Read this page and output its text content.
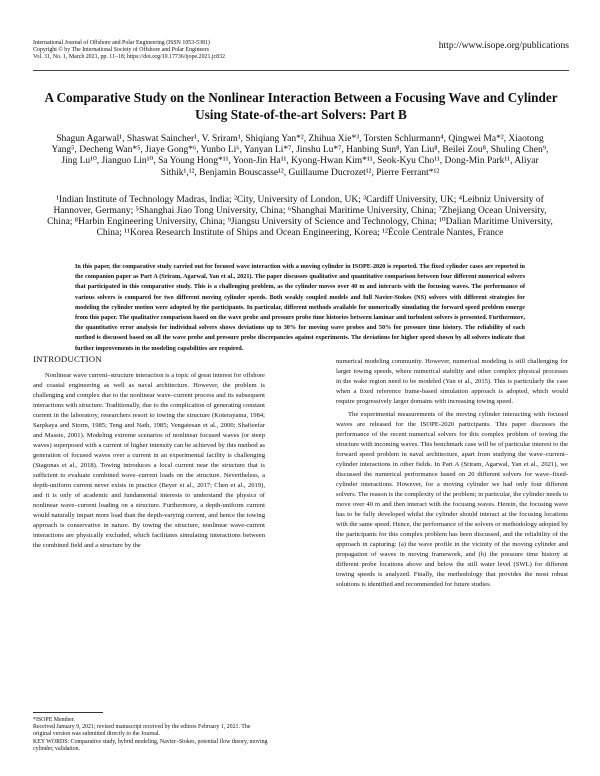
International Journal of Offshore and Polar Engineering (ISSN 1053-5381)
Copyright © by The International Society of Offshore and Polar Engineers
Vol. 31, No. 1, March 2021, pp. 11–18; https://doi.org/10.17736/ijope.2021.jc832
http://www.isope.org/publications
A Comparative Study on the Nonlinear Interaction Between a Focusing Wave and Cylinder Using State-of-the-art Solvers: Part B
Shagun Agarwal¹, Shaswat Saincher¹, V. Sriram¹, Shiqiang Yan*², Zhihua Xie*³, Torsten Schlurmann⁴, Qingwei Ma*², Xiaotong Yang⁵, Decheng Wan*⁵, Jiaye Gong*⁶, Yunbo Li⁶, Yanyan Li*⁷, Jinshu Lu*⁷, Hanbing Sun⁸, Yan Liu⁸, Beilei Zou⁸, Shuling Chen⁹, Jing Lu¹⁰, Jianguo Lin¹⁰, Sa Young Hong*¹¹, Yoon-Jin Ha¹¹, Kyong-Hwan Kim*¹¹, Seok-Kyu Cho¹¹, Dong-Min Park¹¹, Aliyar Sithik¹,¹², Benjamin Bouscasse¹², Guillaume Ducrozet¹², Pierre Ferrant*¹²
¹Indian Institute of Technology Madras, India; ²City, University of London, UK; ³Cardiff University, UK; ⁴Leibniz University of Hannover, Germany; ⁵Shanghai Jiao Tong University, China; ⁶Shanghai Maritime University, China; ⁷Zhejiang Ocean University, China; ⁸Harbin Engineering University, China; ⁹Jiangsu University of Science and Technology, China; ¹⁰Dalian Maritime University, China; ¹¹Korea Research Institute of Ships and Ocean Engineering, Korea; ¹²École Centrale Nantes, France
In this paper, the comparative study carried out for focused wave interaction with a moving cylinder in ISOPE-2020 is reported. The fixed cylinder cases are reported in the companion paper as Part A (Sriram, Agarwal, Yan et al., 2021). The paper discusses qualitative and quantitative comparison between four different numerical solvers that participated in this comparative study. This is a challenging problem, as the cylinder moves over 40 m and interacts with the focusing waves. The performance of various solvers is compared for two different moving cylinder speeds. Both weakly coupled models and full Navier-Stokes (NS) solvers with different strategies for modeling the cylinder motion were adopted by the participants. In particular, different methods available for numerically simulating the forward speed problem emerge from this paper. The qualitative comparison based on the wave probe and pressure probe time histories between laminar and turbulent solvers is presented. Furthermore, the quantitative error analysis for individual solvers shows deviations up to 30% for moving wave probes and 50% for pressure time history. The reliability of each method is discussed based on all the wave probe and pressure probe discrepancies against experiments. The deviations for higher speed shown by all solvers indicate that further improvements in the modeling capabilities are required.
INTRODUCTION

Nonlinear wave current–structure interaction is a topic of great interest for offshore and coastal engineering as well as naval architecture. However, the problem is challenging and complex due to the nonlinear wave–current process and its subsequent interactions with structure. Traditionally, due to the complication of generating constant current in the laboratory, researchers resort to towing the structure (Koterayama, 1984; Sarpkaya and Storm, 1985; Teng and Nath, 1985; Vengatesan et al., 2000; Shafieefar and Massie, 2001). Modeling extreme scenarios of nonlinear focused waves (or steep waves) superposed with a current of higher intensity can be achieved by this method as generation of focused waves over a current in an experimental facility is challenging (Stagonas et al., 2018). Towing introduces a local current near the structure that is sufficient to evaluate combined wave–current loads on the structure. Nevertheless, a depth-uniform current never exists in practice (Beyer et al., 2017; Chen et al., 2019), and it is only of academic and fundamental interests to understand the physics of nonlinear wave–current loading on a structure. Furthermore, a depth-uniform current would naturally impart more load than the depth-varying current, and hence the towing approach is conservative in nature. By towing the structure, nonlinear wave-current interactions are physically excluded, which facilitates simulating interactions between the combined field and a structure by the

numerical modeling community. However, numerical modeling is still challenging for larger towing speeds, where numerical stability and other complex physical processes in the wake region need to be modeled (Yan et al., 2015). This is particularly the case when a fixed reference frame-based simulation approach is adopted, which would require progressively larger domains with increasing towing speed.

The experimental measurements of the moving cylinder interacting with focused waves are released for the ISOPE-2020 participants. This paper discusses the performance of the recent numerical solvers for this complex problem of towing the structure with incoming waves. This benchmark case will be of particular interest to the forward speed problem in naval architecture, apart from studying the wave–current–cylinder interactions in other fields. In Part A (Sriram, Agarwal, Yan et al., 2021), we discussed the numerical performance based on 20 different solvers for wave–fixed-cylinder interactions. However, for a moving cylinder we had only four different solvers. The reason is the complexity of the problem; in particular, the cylinder needs to move over 40 m and then interact with the focusing waves. Herein, the focusing wave has to be fully developed whilst the cylinder should interact at the focusing locations with the same speed. Hence, the performance of the solvers or methodology adopted by the participants for this complex problem has been discussed, and the reliability of the approach in capturing: (a) the wave profile in the vicinity of the moving cylinder and propagation of waves in moving framework, and (b) the pressure time history at different probe locations above and below the still water level (SWL) for different towing speeds is analyzed. Finally, the methodology that provides the most robust solutions is identified and recommended for future studies.

*ISOPE Member.
Received January 9, 2021; revised manuscript received by the editors February 1, 2021. The original version was submitted directly to the Journal.
KEY WORDS: Comparative study, hybrid modeling, Navier–Stokes, potential flow theory, moving cylinder, validation.
